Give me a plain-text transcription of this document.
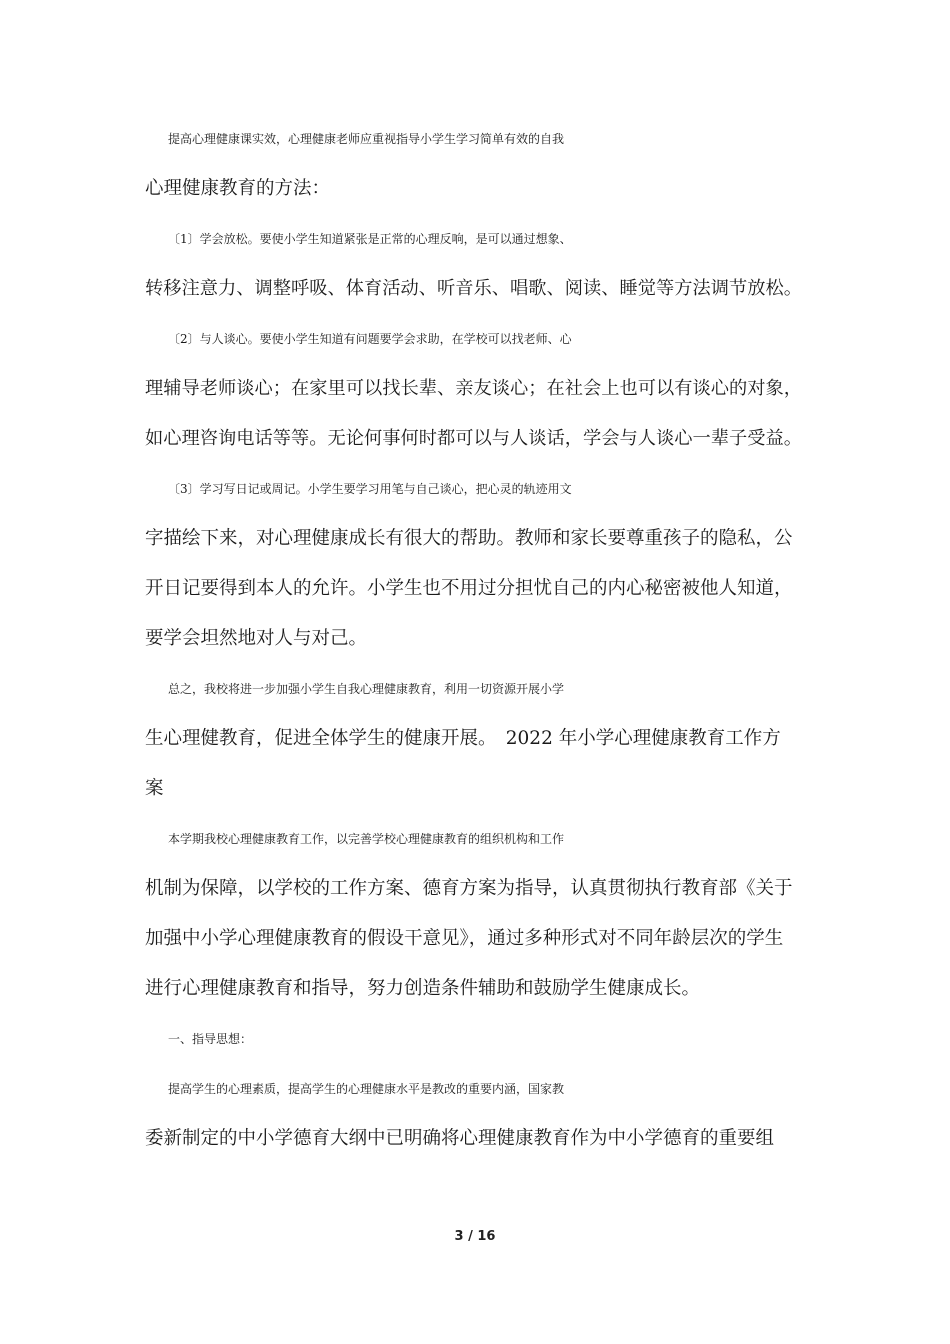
提高心理健康课实效，心理健康老师应重视指导小学生学习简单有效的自我
心理健康教育的方法：
〔1〕学会放松。要使小学生知道紧张是正常的心理反响，是可以通过想象、
转移注意力、调整呼吸、体育活动、听音乐、唱歌、阅读、睡觉等方法调节放松。
〔2〕与人谈心。要使小学生知道有问题要学会求助，在学校可以找老师、心
理辅导老师谈心；在家里可以找长辈、亲友谈心；在社会上也可以有谈心的对象，
如心理咨询电话等等。无论何事何时都可以与人谈话，学会与人谈心一辈子受益。
〔3〕学习写日记或周记。小学生要学习用笔与自己谈心，把心灵的轨迹用文
字描绘下来，对心理健康成长有很大的帮助。教师和家长要尊重孩子的隐私，公
开日记要得到本人的允许。小学生也不用过分担忧自己的内心秘密被他人知道，
要学会坦然地对人与对己。
总之，我校将进一步加强小学生自我心理健康教育，利用一切资源开展小学
生心理健教育，促进全体学生的健康开展。　2022 年小学心理健康教育工作方
案
本学期我校心理健康教育工作，以完善学校心理健康教育的组织机构和工作
机制为保障，以学校的工作方案、德育方案为指导，认真贯彻执行教育部《关于
加强中小学心理健康教育的假设干意见》，通过多种形式对不同年龄层次的学生
进行心理健康教育和指导，努力创造条件辅助和鼓励学生健康成长。
一、指导思想：
提高学生的心理素质，提高学生的心理健康水平是教改的重要内涵，国家教
委新制定的中小学德育大纲中已明确将心理健康教育作为中小学德育的重要组
3 / 16
